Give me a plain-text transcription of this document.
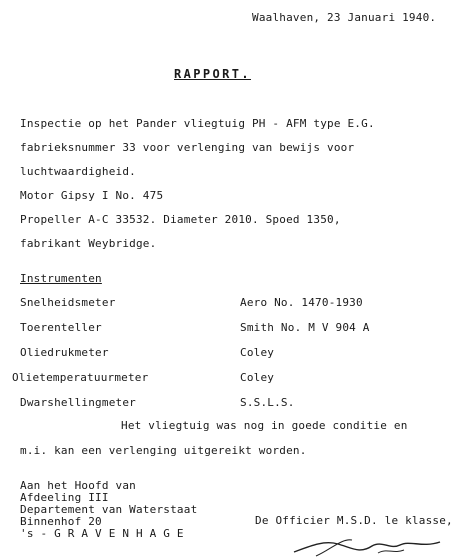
Waalhaven, 23 Januari 1940.
RAPPORT.
Inspectie op het Pander vliegtuig PH - AFM type E.G.
fabrieksnummer 33 voor verlenging van bewijs voor
luchtwaardigheid.
Motor Gipsy I No. 475
Propeller A-C 33532. Diameter 2010. Spoed 1350,
fabrikant Weybridge.
Instrumenten
Snelheidsmeter	Aero No. 1470-1930
Toerenteller	Smith No. M V 904 A
Oliedrukmeter	Coley
Olietemperatuurmeter	Coley
Dwarshellingmeter	S.S.L.S.
Het vliegtuig was nog in goede conditie en
m.i. kan een verlenging uitgereikt worden.
Aan het Hoofd van
Afdeeling III
Departement van Waterstaat
Binnenhof 20
's - G R A V E N H A G E
De Officier M.S.D. le klasse,
